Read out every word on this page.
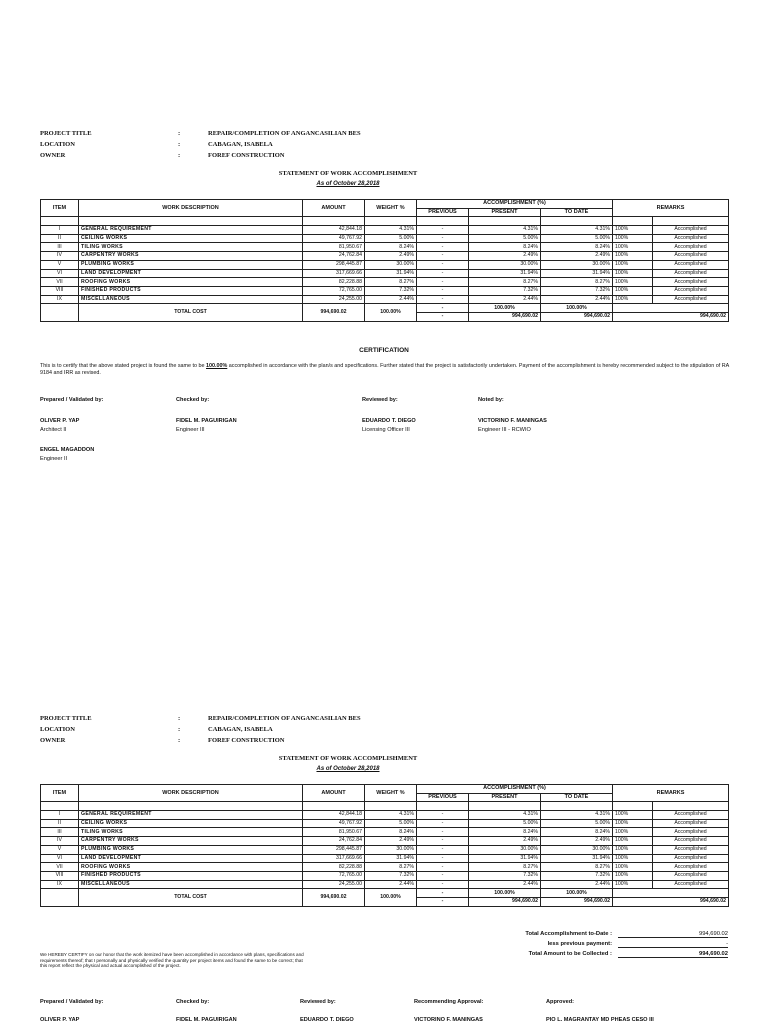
PROJECT TITLE	:	REPAIR/COMPLETION OF ANGANCASILIAN BES
LOCATION	:	CABAGAN, ISABELA
OWNER	:	FOREF CONSTRUCTION
STATEMENT OF WORK ACCOMPLISHMENT
As of October 28,2018
ITEM	WORK DESCRIPTION	AMOUNT	WEIGHT %	ACCOMPLISHMENT (%)			REMARKS	
				PREVIOUS	PRESENT	TO DATE		

I	GENERAL REQUIREMENT	42,844.18	4.31%	-	4.31%	4.31%	100%	Accomplished
II	CEILING WORKS	49,767.92	5.00%	-	5.00%	5.00%	100%	Accomplished
III	TILING WORKS	81,950.67	8.24%	-	8.24%	8.24%	100%	Accomplished
IV	CARPENTRY WORKS	24,762.84	2.49%	-	2.49%	2.49%	100%	Accomplished
V	PLUMBING WORKS	298,445.87	30.00%	-	30.00%	30.00%	100%	Accomplished
VI	LAND DEVELOPMENT	317,669.66	31.94%	-	31.94%	31.94%	100%	Accomplished
VII	ROOFING WORKS	82,228.88	8.27%	-	8.27%	8.27%	100%	Accomplished
VIII	FINISHED PRODUCTS	72,765.00	7.32%	-	7.32%	7.32%	100%	Accomplished
IX	MISCELLANEOUS	24,255.00	2.44%	-	2.44%	2.44%	100%	Accomplished
	TOTAL COST	994,690.02	100.00%	-	100.00%	100.00%		
				-	994,690.02	994,690.02	994,690.02	
CERTIFICATION
This is to certify that the above stated project is found the same to be 100.00% accomplished in accordance with the plan/s and specifications. Further stated that the project is satisfactorily undertaken. Payment of the accomplishment is hereby recommended subject to the stipulation of RA 9184 and IRR as revised.
Prepared / Validated by:	Checked by:	Reviewed by:	Noted by:
OLIVER P. YAP
Architect II
FIDEL M. PAGUIRIGAN
Engineer III
EDUARDO T. DIEGO
Licensing Officer III
VICTORINO F. MANINGAS
Engineer III - RCWIO
ENGEL MAGADDON
Engineer II
PROJECT TITLE	:	REPAIR/COMPLETION OF ANGANCASILIAN BES
LOCATION	:	CABAGAN, ISABELA
OWNER	:	FOREF CONSTRUCTION
STATEMENT OF WORK ACCOMPLISHMENT
As of October 28,2018
ITEM	WORK DESCRIPTION	AMOUNT	WEIGHT %	ACCOMPLISHMENT (%)			REMARKS	
				PREVIOUS	PRESENT	TO DATE		

I	GENERAL REQUIREMENT	42,844.18	4.31%	-	4.31%	4.31%	100%	Accomplished
II	CEILING WORKS	49,767.92	5.00%	-	5.00%	5.00%	100%	Accomplished
III	TILING WORKS	81,950.67	8.24%	-	8.24%	8.24%	100%	Accomplished
IV	CARPENTRY WORKS	24,762.84	2.49%	-	2.49%	2.49%	100%	Accomplished
V	PLUMBING WORKS	298,445.87	30.00%	-	30.00%	30.00%	100%	Accomplished
VI	LAND DEVELOPMENT	317,669.66	31.94%	-	31.94%	31.94%	100%	Accomplished
VII	ROOFING WORKS	82,228.88	8.27%	-	8.27%	8.27%	100%	Accomplished
VIII	FINISHED PRODUCTS	72,765.00	7.32%	-	7.32%	7.32%	100%	Accomplished
IX	MISCELLANEOUS	24,255.00	2.44%	-	2.44%	2.44%	100%	Accomplished
	TOTAL COST	994,690.02	100.00%	-	100.00%	100.00%		
				-	994,690.02	994,690.02	994,690.02	
Total Accomplishment to-Date :	994,690.02
less previous payment:	-
Total Amount to be Collected :	994,690.02
We HEREBY CERTIFY on our honor that the work itemized have been accomplished in accordance with plans, specifications and requirements thereof; that I personally and physically verified the quantity per project items and found the same to be correct; that this report reflect the physical and actual accomplished of the project.
Prepared / Validated by:
OLIVER P. YAP
Checked by:
FIDEL M. PAGUIRIGAN
Reviewed by:
EDUARDO T. DIEGO
Recommending Approval:
VICTORINO F. MANINGAS
Approved:
PIO L. MAGRANTAY MD PHEAS CESO III
